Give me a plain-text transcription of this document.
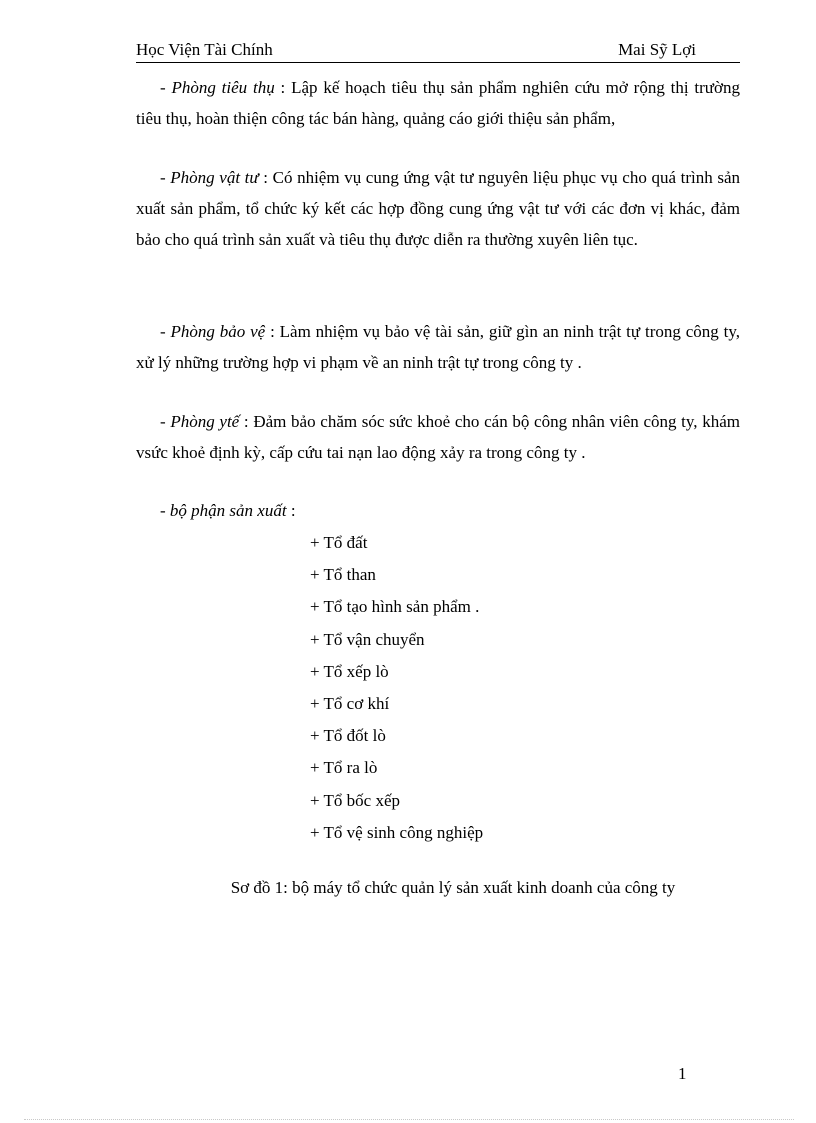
Học Viện Tài Chính	Mai Sỹ Lợi
- Phòng tiêu thụ : Lập kế hoạch tiêu thụ sản phẩm nghiên cứu mở rộng thị trường tiêu thụ, hoàn thiện công tác bán hàng, quảng cáo giới thiệu sản phẩm,
- Phòng vật tư : Có nhiệm vụ cung ứng vật tư nguyên liệu phục vụ cho quá trình sản xuất sản phẩm, tổ chức ký kết các hợp đồng cung ứng vật tư với các đơn vị khác, đảm bảo cho quá trình sản xuất và tiêu thụ được diễn ra thường xuyên liên tục.
- Phòng bảo vệ : Làm nhiệm vụ bảo vệ tài sản, giữ gìn an ninh trật tự trong công ty, xử lý những trường hợp vi phạm về an ninh trật tự trong công ty .
- Phòng ytế : Đảm bảo chăm sóc sức khoẻ cho cán bộ công nhân viên công ty, khám vsức khoẻ định kỳ, cấp cứu tai nạn lao động xảy ra trong công ty .
- bộ phận sản xuất :
+ Tổ đất
+ Tổ than
+ Tổ tạo hình sản phẩm .
+ Tổ vận chuyển
+ Tổ xếp lò
+ Tổ cơ khí
+ Tổ đốt lò
+ Tổ ra lò
+ Tổ bốc xếp
+ Tổ vệ sinh công nghiệp
Sơ đồ 1: bộ máy tổ chức quản lý sản xuất kinh doanh của công ty
1
